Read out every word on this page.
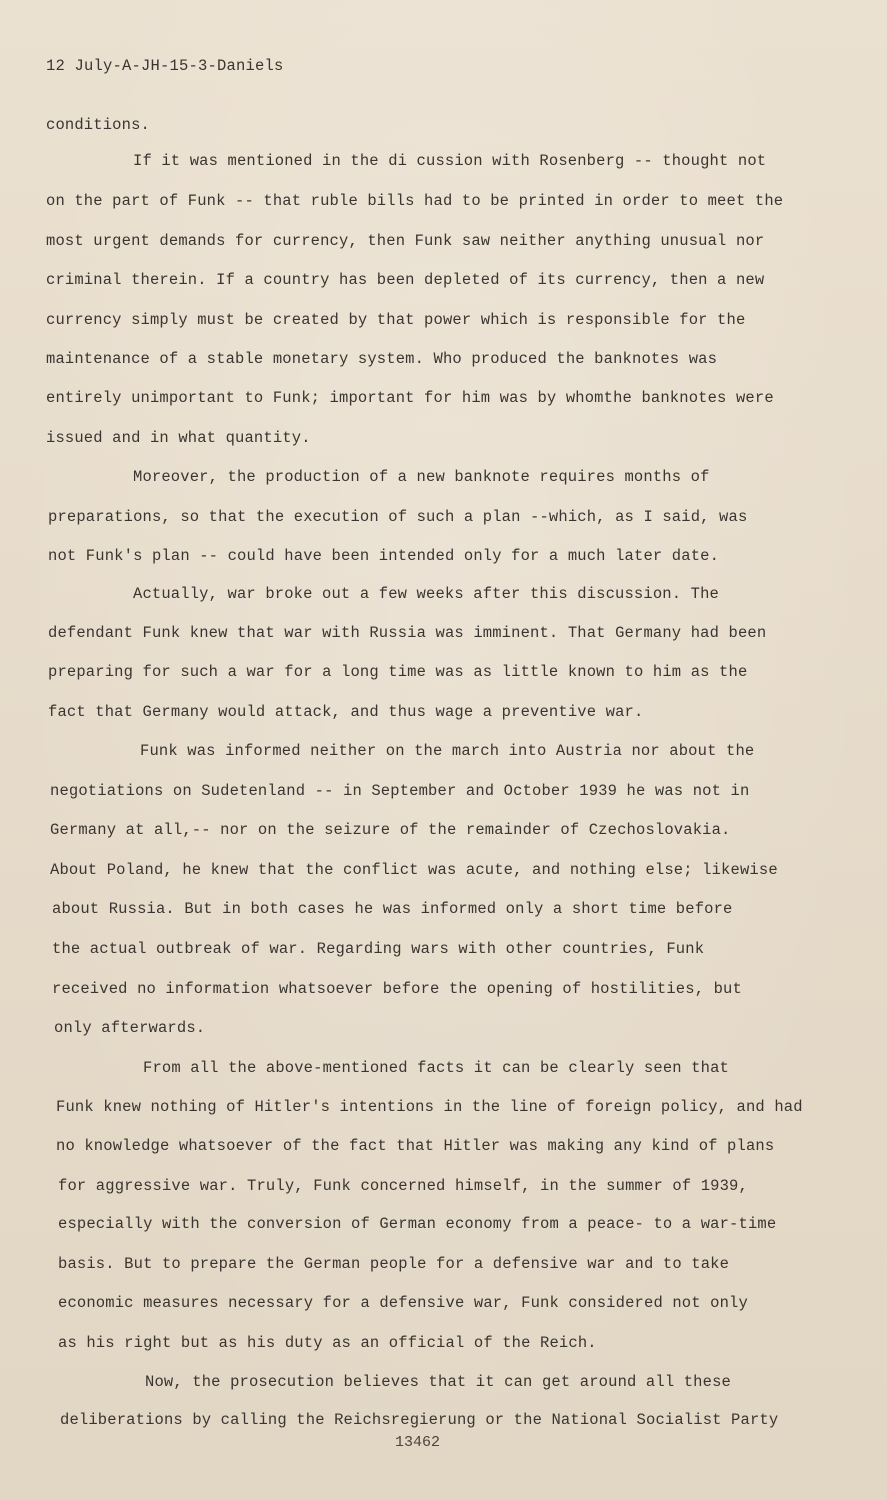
12 July-A-JH-15-3-Daniels
conditions.
If it was mentioned in the di cussion with Rosenberg -- thought not
on the part of Funk -- that ruble bills had to be printed in order to meet the
most urgent demands for currency, then Funk saw neither anything unusual nor
criminal therein. If a country has been depleted of its currency, then a new
currency simply must be created by that power which is responsible for the
maintenance of a stable monetary system. Who produced the banknotes was
entirely unimportant to Funk; important for him was by whomthe banknotes were
issued and in what quantity.
Moreover, the production of a new banknote requires months of
preparations, so that the execution of such a plan --which, as I said, was
not Funk's plan -- could have been intended only for a much later date.
Actually, war broke out a few weeks after this discussion. The
defendant Funk knew that war with Russia was imminent. That Germany had been
preparing for such a war for a long time was as little known to him as the
fact that Germany would attack, and thus wage a preventive war.
Funk was informed neither on the march into Austria nor about the
negotiations on Sudetenland -- in September and October 1939 he was not in
Germany at all,-- nor on the seizure of the remainder of Czechoslovakia.
About Poland, he knew that the conflict was acute, and nothing else; likewise
about Russia. But in both cases he was informed only a short time before
the actual outbreak of war. Regarding wars with other countries, Funk
received no information whatsoever before the opening of hostilities, but
only afterwards.
From all the above-mentioned facts it can be clearly seen that
Funk knew nothing of Hitler's intentions in the line of foreign policy, and had
no knowledge whatsoever of the fact that Hitler was making any kind of plans
for aggressive war. Truly, Funk concerned himself, in the summer of 1939,
especially with the conversion of German economy from a peace- to a war-time
basis. But to prepare the German people for a defensive war and to take
economic measures necessary for a defensive war, Funk considered not only
as his right but as his duty as an official of the Reich.
Now, the prosecution believes that it can get around all these
deliberations by calling the Reichsregierung or the National Socialist Party
13462
